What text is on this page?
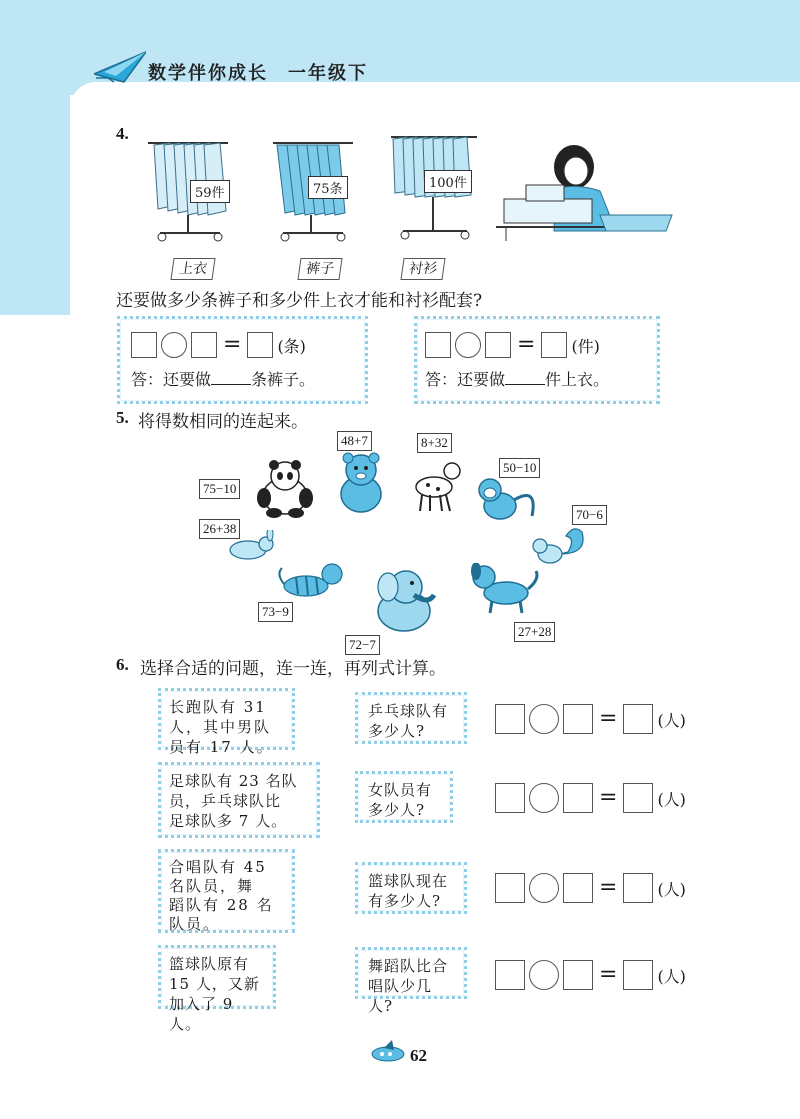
数学伴你成长　一年级下
4.
59件
上衣
75条
裤子
100件
衬衫
还要做多少条裤子和多少件上衣才能和衬衫配套?
= (条)
答：还要做	条裤子。
= (件)
答：还要做	件上衣。
5. 将得数相同的连起来。
48+7	8+32
75−10
50−10
26+38
70−6
73−9
72−7
27+28
6. 选择合适的问题，连一连，再列式计算。
长跑队有 31
人，其中男队
员有 17 人。
足球队有 23 名队
员，乒乓球队比
足球队多 7 人。
合唱队有 45
名队员，舞
蹈队有 28 名
队员。
篮球队原有
15 人，又新
加入了 9 人。
乒乓球队有
多少人?
女队员有
多少人?
篮球队现在
有多少人?
舞蹈队比合
唱队少几人?
=	(人)
=	(人)
=	(人)
=	(人)
62
